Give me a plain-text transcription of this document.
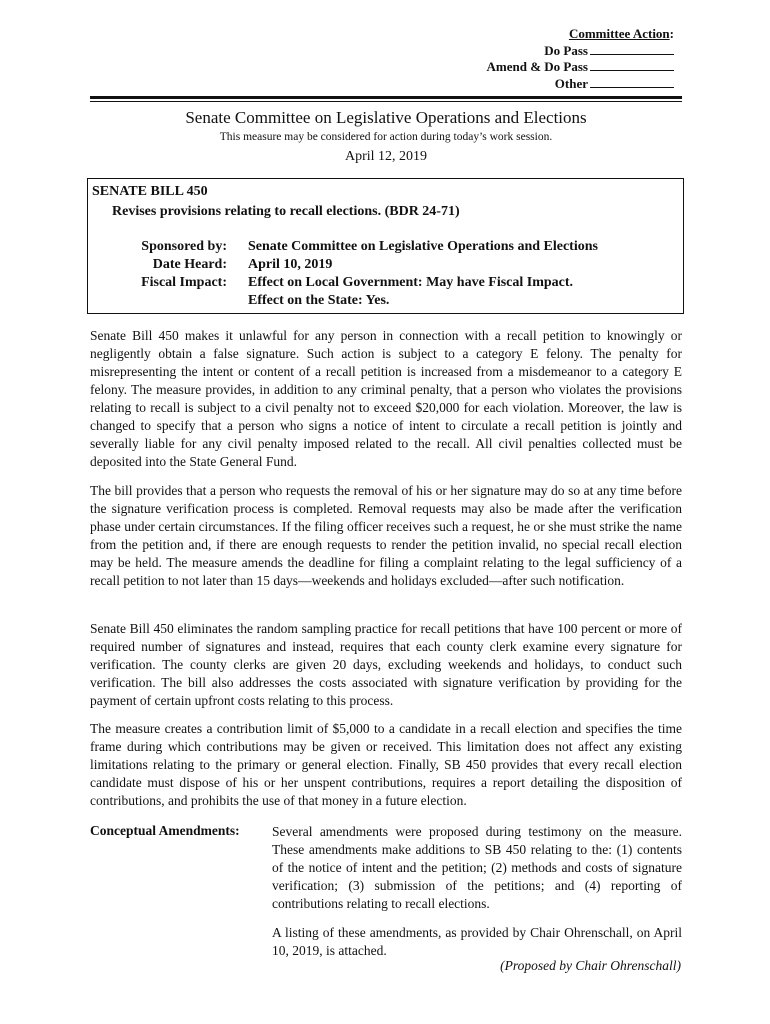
Committee Action:
Do Pass
Amend & Do Pass
Other
Senate Committee on Legislative Operations and Elections
This measure may be considered for action during today’s work session.
April 12, 2019
SENATE BILL 450
Revises provisions relating to recall elections. (BDR 24-71)
Sponsored by: Senate Committee on Legislative Operations and Elections
Date Heard: April 10, 2019
Fiscal Impact: Effect on Local Government: May have Fiscal Impact.
Effect on the State: Yes.

Senate Bill 450 makes it unlawful for any person in connection with a recall petition to knowingly or negligently obtain a false signature. Such action is subject to a category E felony. The penalty for misrepresenting the intent or content of a recall petition is increased from a misdemeanor to a category E felony. The measure provides, in addition to any criminal penalty, that a person who violates the provisions relating to recall is subject to a civil penalty not to exceed $20,000 for each violation. Moreover, the law is changed to specify that a person who signs a notice of intent to circulate a recall petition is jointly and severally liable for any civil penalty imposed related to the recall. All civil penalties collected must be deposited into the State General Fund.

The bill provides that a person who requests the removal of his or her signature may do so at any time before the signature verification process is completed. Removal requests may also be made after the verification phase under certain circumstances. If the filing officer receives such a request, he or she must strike the name from the petition and, if there are enough requests to render the petition invalid, no special recall election may be held. The measure amends the deadline for filing a complaint relating to the legal sufficiency of a recall petition to not later than 15 days—weekends and holidays excluded—after such notification.

Senate Bill 450 eliminates the random sampling practice for recall petitions that have 100 percent or more of required number of signatures and instead, requires that each county clerk examine every signature for verification. The county clerks are given 20 days, excluding weekends and holidays, to conduct such verification. The bill also addresses the costs associated with signature verification by providing for the payment of certain upfront costs relating to this process.

The measure creates a contribution limit of $5,000 to a candidate in a recall election and specifies the time frame during which contributions may be given or received. This limitation does not affect any existing limitations relating to the primary or general election. Finally, SB 450 provides that every recall election candidate must dispose of his or her unspent contributions, requires a report detailing the disposition of contributions, and prohibits the use of that money in a future election.

Conceptual Amendments: Several amendments were proposed during testimony on the measure. These amendments make additions to SB 450 relating to the: (1) contents of the notice of intent and the petition; (2) methods and costs of signature verification; (3) submission of the petitions; and (4) reporting of contributions relating to recall elections.

A listing of these amendments, as provided by Chair Ohrenschall, on April 10, 2019, is attached.

(Proposed by Chair Ohrenschall)
